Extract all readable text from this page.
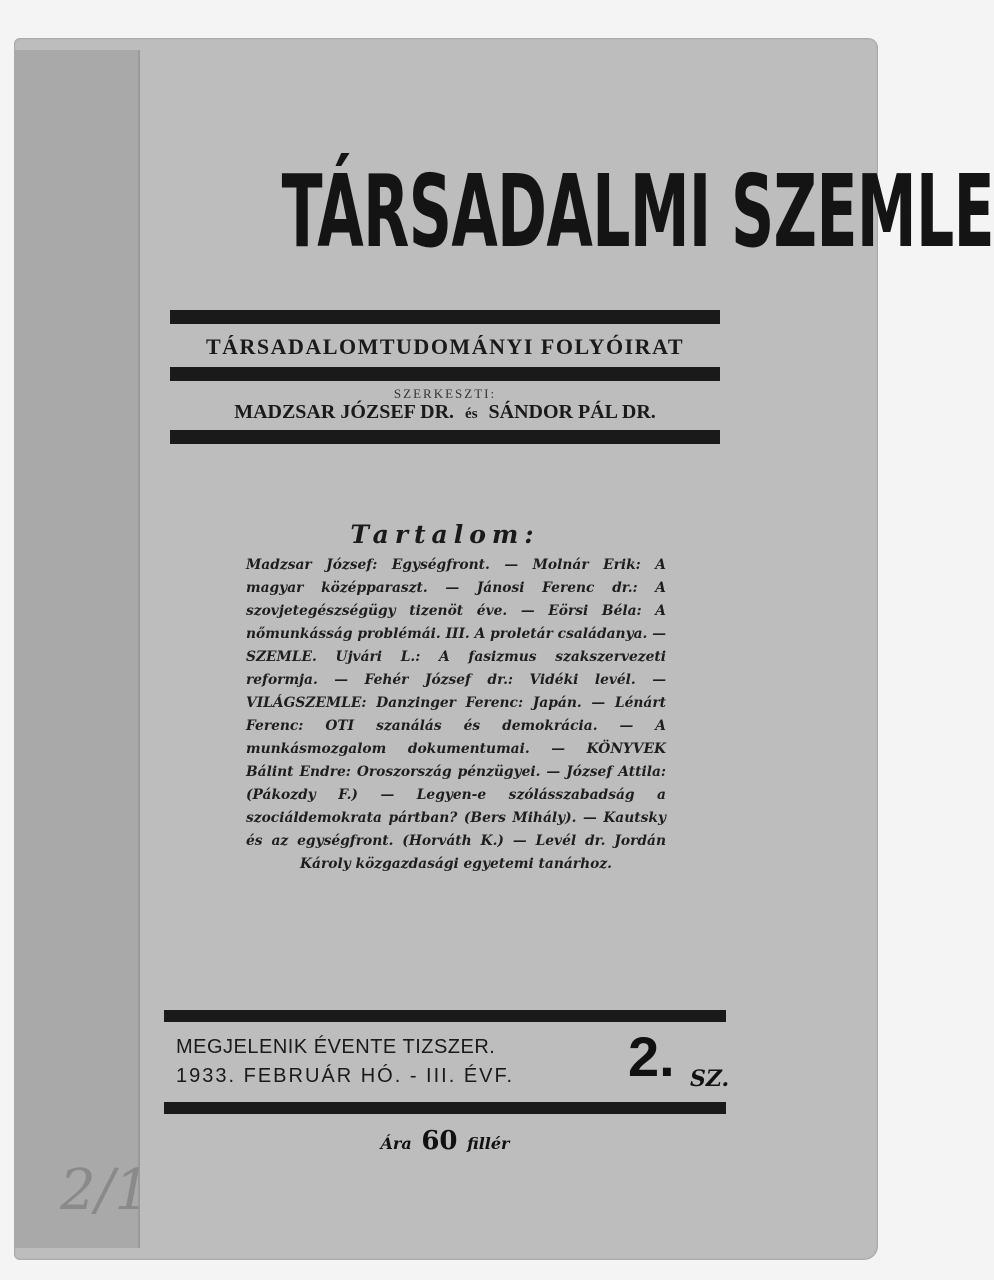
2/1
TÁRSADALMI SZEMLE
TÁRSADALOMTUDOMÁNYI FOLYÓIRAT
SZERKESZTI:
MADZSAR JÓZSEF DR. és SÁNDOR PÁL DR.
Tartalom:

Madzsar József: Egységfront. — Molnár Erik: A magyar középparaszt. — Jánosi Ferenc dr.: A szovjetegészségügy tizenöt éve. — Eörsi Béla: A nőmunkásság problémái. III. A proletár családanya. — SZEMLE. Ujvári L.: A fasizmus szakszervezeti reformja. — Fehér József dr.: Vidéki levél. — VILÁGSZEMLE: Danzinger Ferenc: Japán. — Lénárt Ferenc: OTI szanálás és demokrácia. — A munkásmozgalom dokumentumai. — KÖNYVEK Bálint Endre: Oroszország pénzügyei. — József Attila: (Pákozdy F.) — Legyen-e szólásszabadság a szociáldemokrata pártban? (Bers Mihály). — Kautsky és az egységfront. (Horváth K.) — Levél dr. Jordán Károly közgazdasági egyetemi tanárhoz.

MEGJELENIK ÉVENTE TIZSZER.
1933. FEBRUÁR HÓ. - III. ÉVF. 2. SZ.
Ára 60 fillér
